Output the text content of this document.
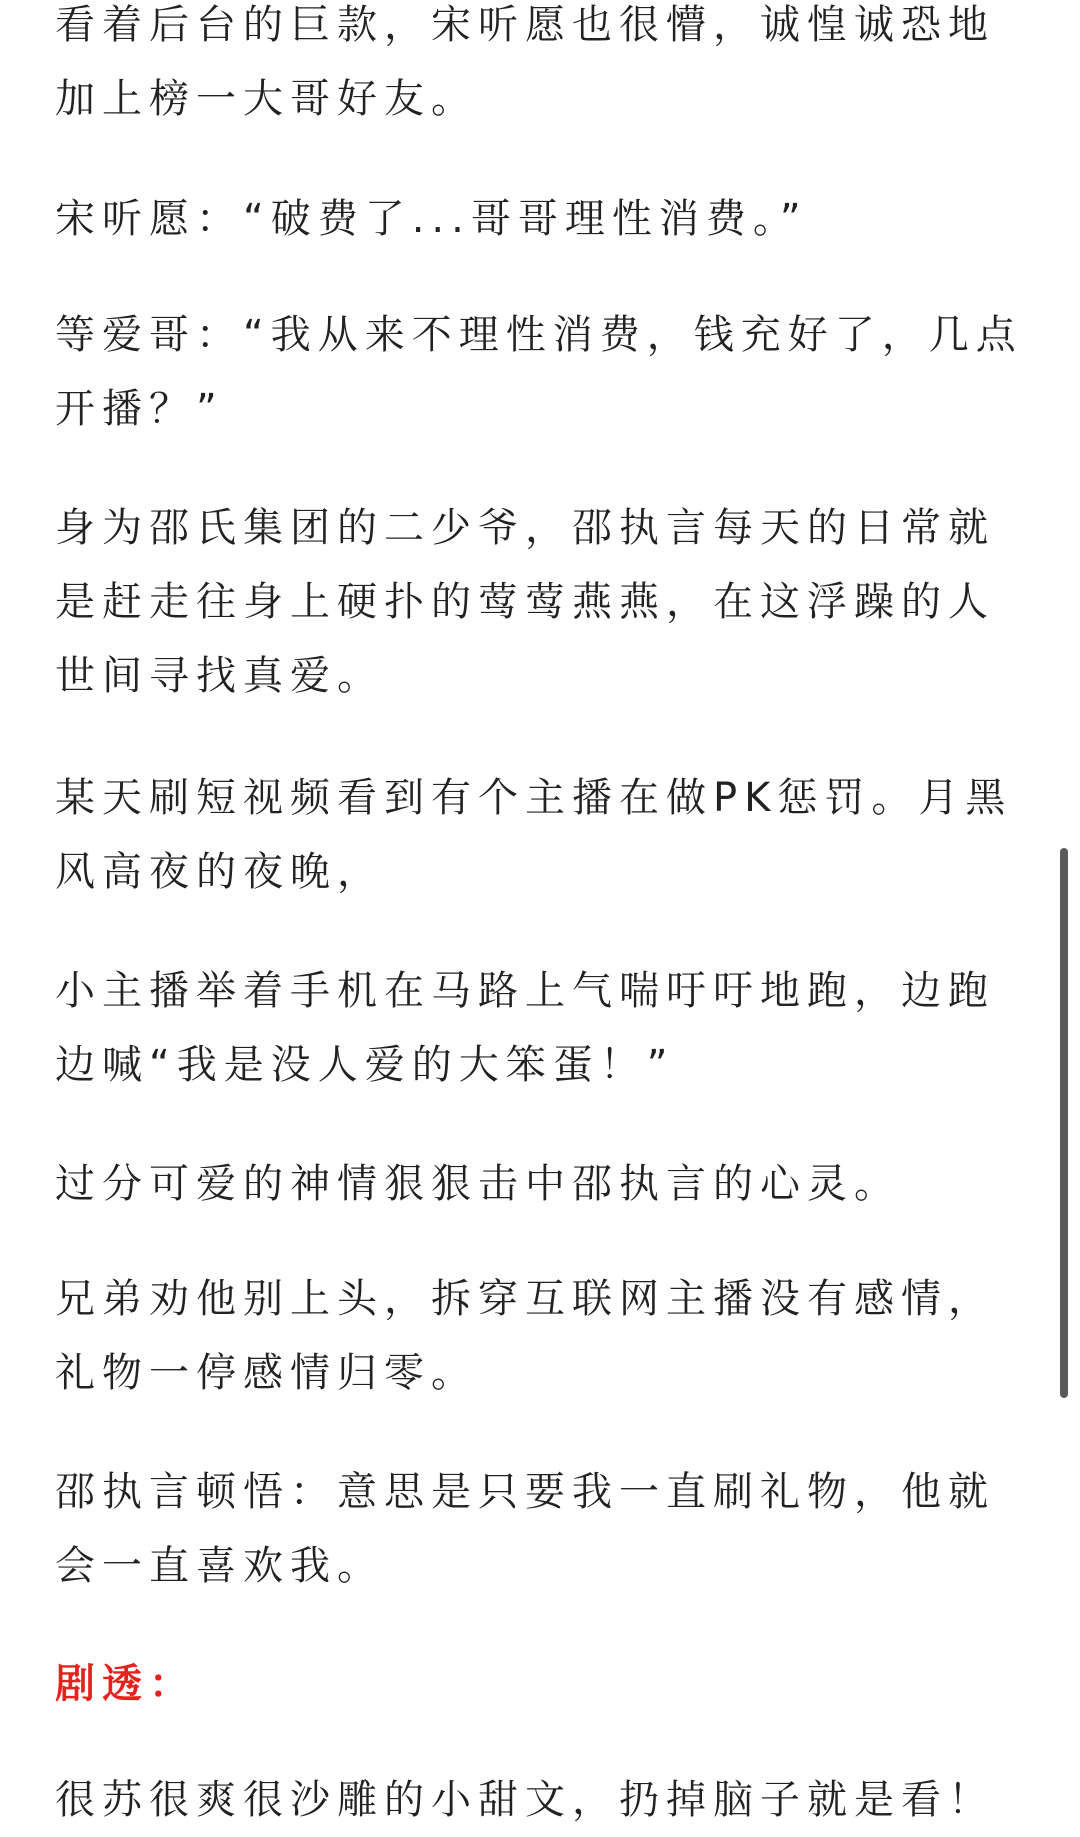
看着后台的巨款，宋听愿也很懵，诚惶诚恐地加上榜一大哥好友。

宋听愿：“破费了...哥哥理性消费。”

等爱哥：“我从来不理性消费，钱充好了，几点开播？”

身为邵氏集团的二少爷，邵执言每天的日常就是赶走往身上硬扑的莺莺燕燕，在这浮躁的人世间寻找真爱。

某天刷短视频看到有个主播在做PK惩罚。月黑风高夜的夜晚，

小主播举着手机在马路上气喘吁吁地跑，边跑边喊“我是没人爱的大笨蛋！”

过分可爱的神情狠狠击中邵执言的心灵。

兄弟劝他别上头，拆穿互联网主播没有感情，礼物一停感情归零。

邵执言顿悟：意思是只要我一直刷礼物，他就会一直喜欢我。

剧透：

很苏很爽很沙雕的小甜文，扔掉脑子就是看！
